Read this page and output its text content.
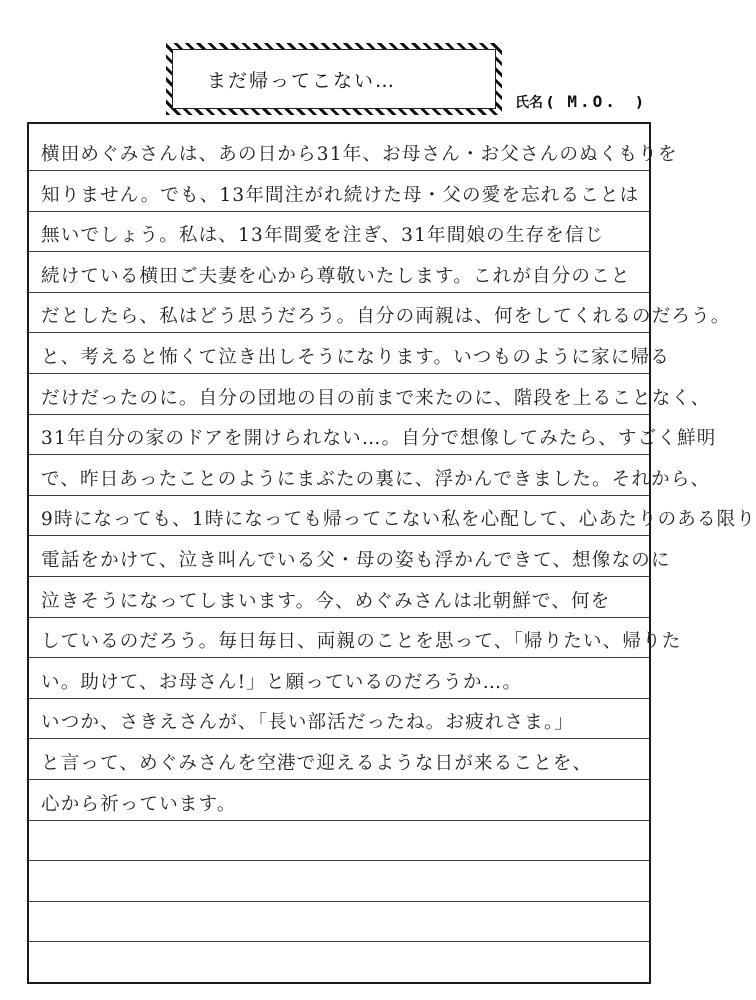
まだ帰ってこない…
氏名 ( M.O. )
横田めぐみさんは、あの日から31年、お母さん・お父さんのぬくもりを
知りません。でも、13年間注がれ続けた母・父の愛を忘れることは
無いでしょう。私は、13年間愛を注ぎ、31年間娘の生存を信じ
続けている横田ご夫妻を心から尊敬いたします。これが自分のこと
だとしたら、私はどう思うだろう。自分の両親は、何をしてくれるのだろう。
と、考えると怖くて泣き出しそうになります。いつものように家に帰る
だけだったのに。自分の団地の目の前まで来たのに、階段を上ることなく、
31年自分の家のドアを開けられない…。自分で想像してみたら、すごく鮮明
で、昨日あったことのようにまぶたの裏に、浮かんできました。それから、
9時になっても、1時になっても帰ってこない私を心配して、心あたりのある限り
電話をかけて、泣き叫んでいる父・母の姿も浮かんできて、想像なのに
泣きそうになってしまいます。今、めぐみさんは北朝鮮で、何を
しているのだろう。毎日毎日、両親のことを思って、「帰りたい、帰りた
い。助けて、お母さん!」と願っているのだろうか…。
いつか、さきえさんが、「長い部活だったね。お疲れさま。」
と言って、めぐみさんを空港で迎えるような日が来ることを、
心から祈っています。
